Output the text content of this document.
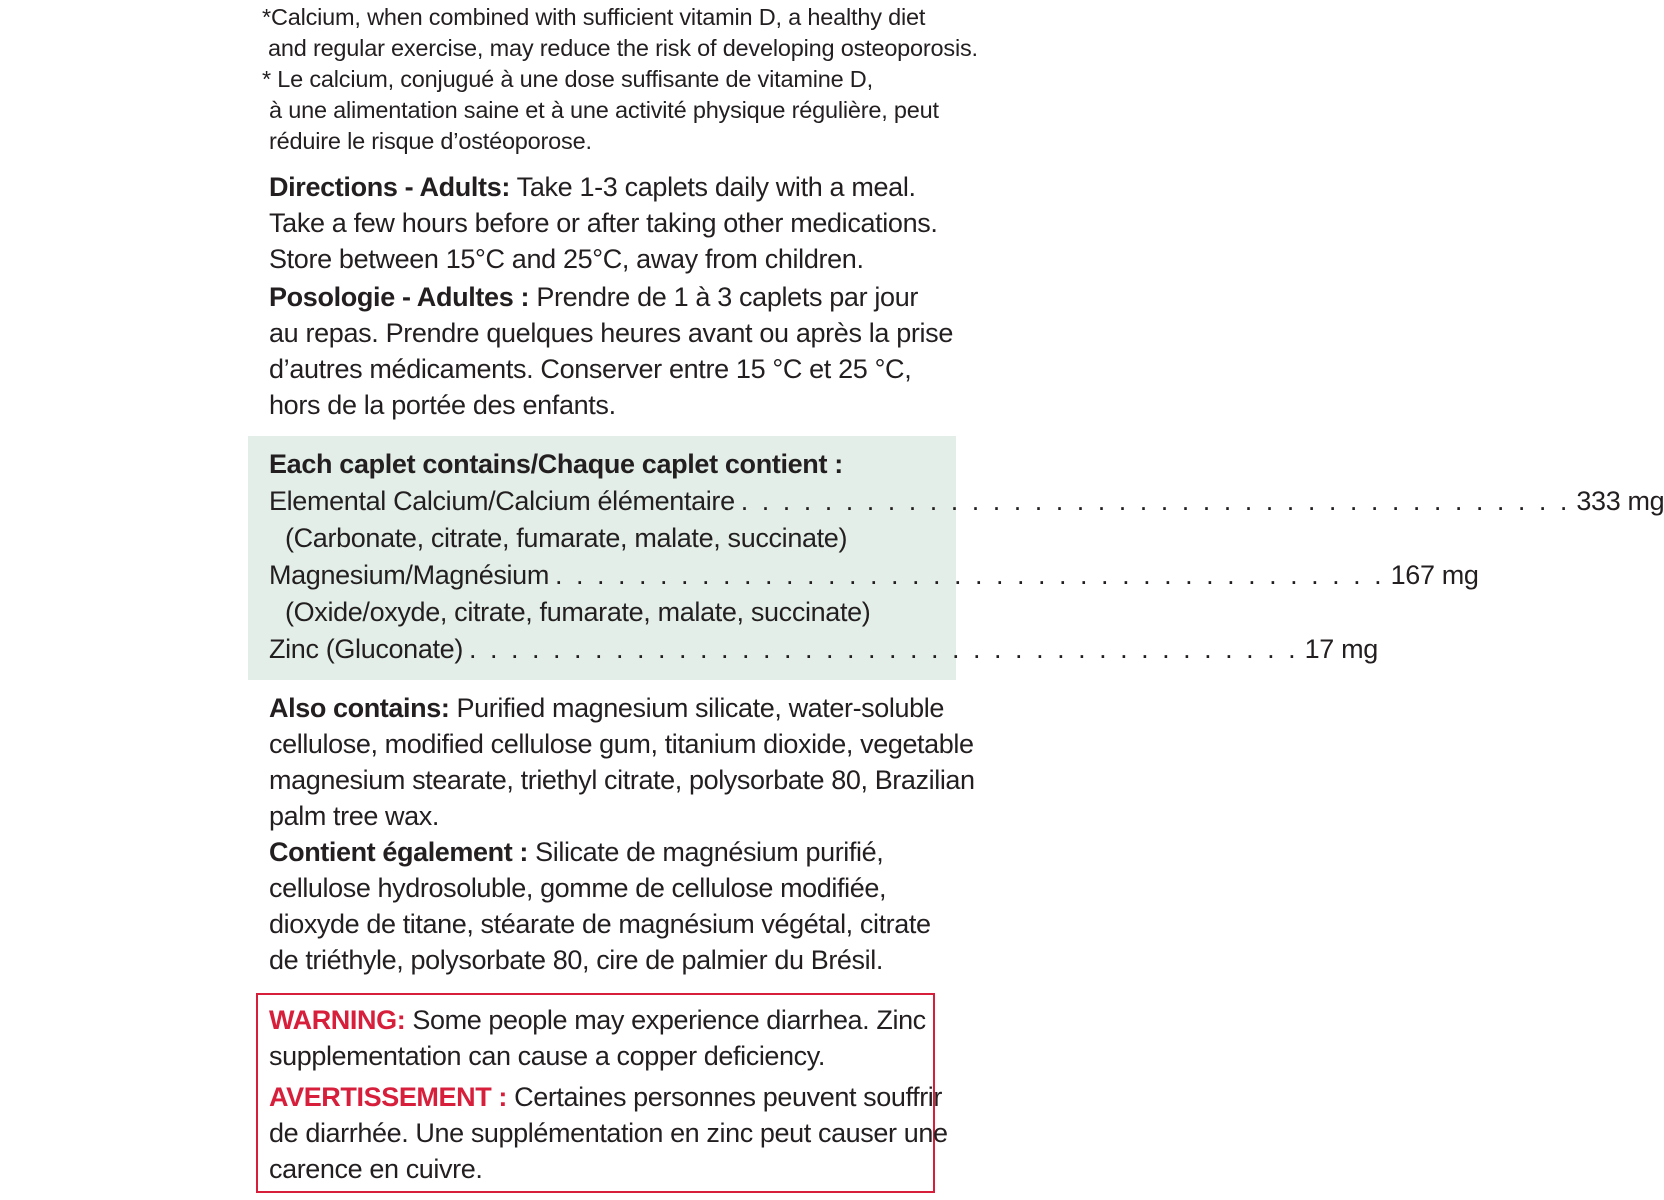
*Calcium, when combined with sufficient vitamin D, a healthy diet
and regular exercise, may reduce the risk of developing osteoporosis.
* Le calcium, conjugué à une dose suffisante de vitamine D,
à une alimentation saine et à une activité physique régulière, peut
réduire le risque d’ostéoporose.
Directions - Adults: Take 1-3 caplets daily with a meal.
Take a few hours before or after taking other medications.
Store between 15°C and 25°C, away from children.
Posologie - Adultes : Prendre de 1 à 3 caplets par jour
au repas. Prendre quelques heures avant ou après la prise
d’autres médicaments. Conserver entre 15 °C et 25 °C,
hors de la portée des enfants.
Each caplet contains/Chaque caplet contient :
Elemental Calcium/Calcium élémentaire . . . . . . . . . . . . . . . . . . . . . . . . . . . . . . . . . . . . . . . . 333 mg
(Carbonate, citrate, fumarate, malate, succinate)
Magnesium/Magnésium . . . . . . . . . . . . . . . . . . . . . . . . . . . . . . . . . . . . . . . . 167 mg
(Oxide/oxyde, citrate, fumarate, malate, succinate)
Zinc (Gluconate) . . . . . . . . . . . . . . . . . . . . . . . . . . . . . . . . . . . . . . . . 17 mg
Also contains: Purified magnesium silicate, water-soluble
cellulose, modified cellulose gum, titanium dioxide, vegetable
magnesium stearate, triethyl citrate, polysorbate 80, Brazilian
palm tree wax.
Contient également : Silicate de magnésium purifié,
cellulose hydrosoluble, gomme de cellulose modifiée,
dioxyde de titane, stéarate de magnésium végétal, citrate
de triéthyle, polysorbate 80, cire de palmier du Brésil.
WARNING: Some people may experience diarrhea. Zinc
supplementation can cause a copper deficiency.
AVERTISSEMENT : Certaines personnes peuvent souffrir
de diarrhée. Une supplémentation en zinc peut causer une
carence en cuivre.
